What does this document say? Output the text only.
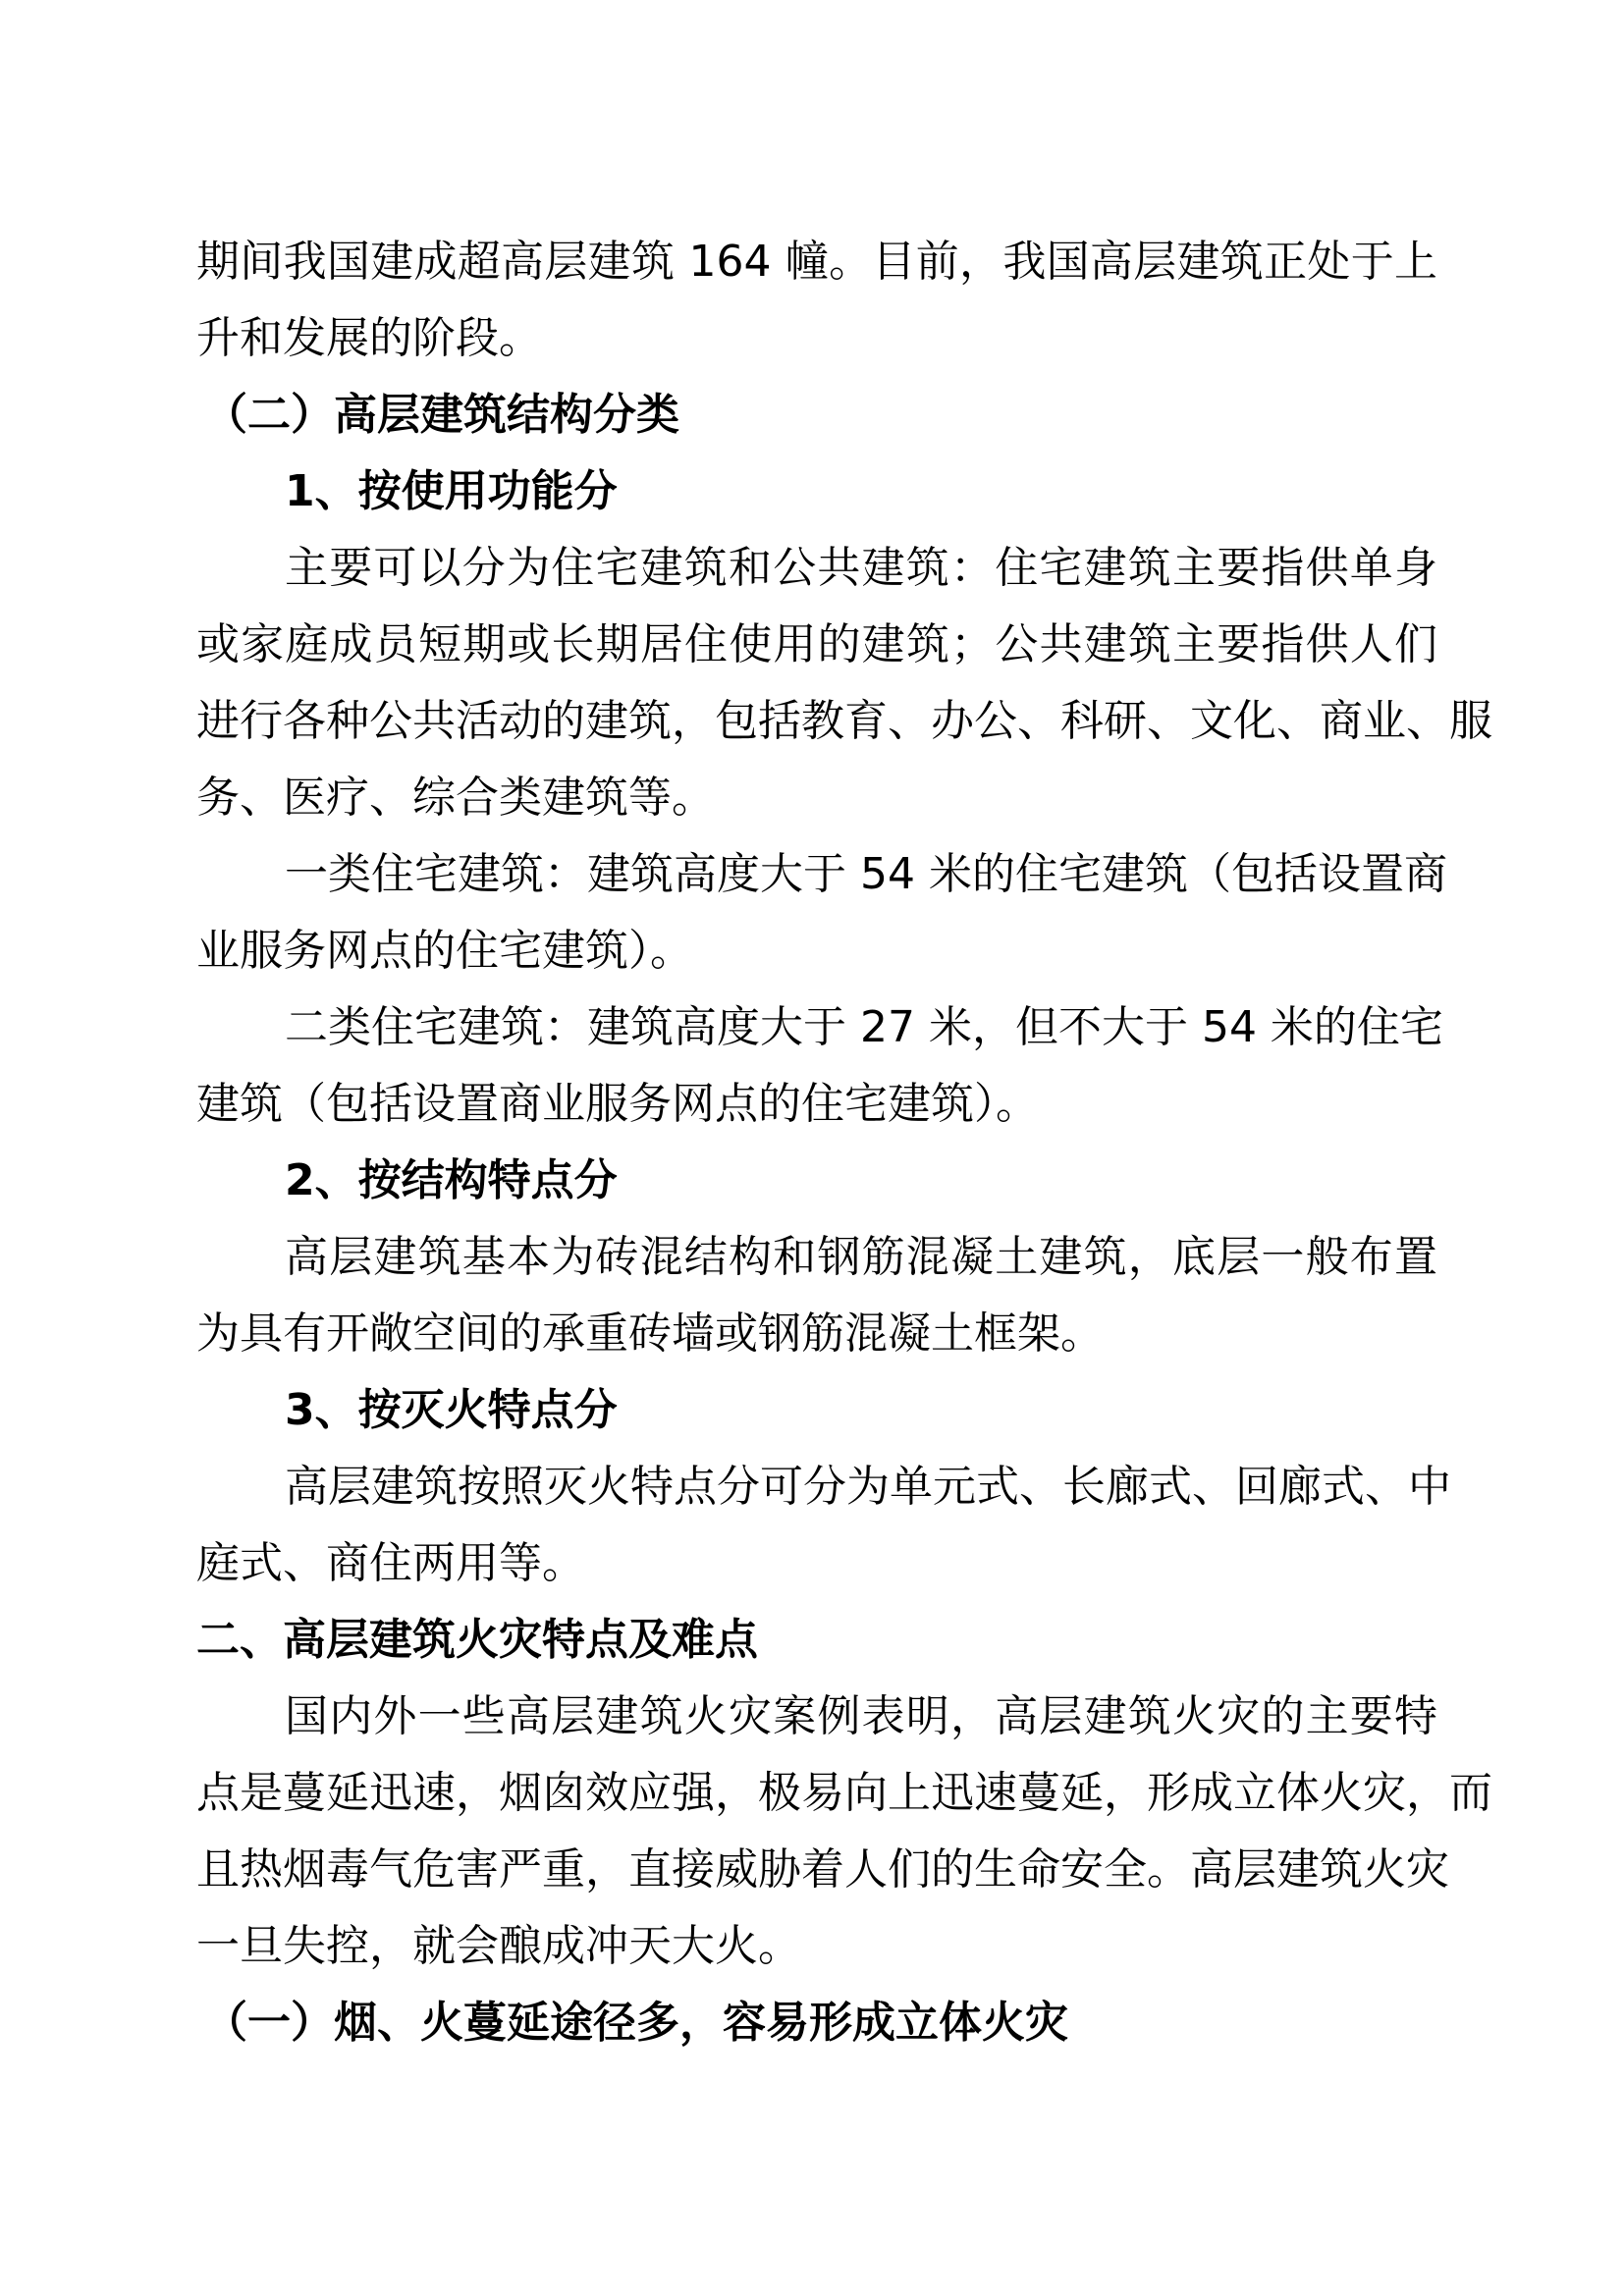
期间我国建成超高层建筑 164 幢。目前，我国高层建筑正处于上
升和发展的阶段。
（二）高层建筑结构分类
1、按使用功能分
主要可以分为住宅建筑和公共建筑：住宅建筑主要指供单身
或家庭成员短期或长期居住使用的建筑；公共建筑主要指供人们
进行各种公共活动的建筑，包括教育、办公、科研、文化、商业、服
务、医疗、综合类建筑等。
一类住宅建筑：建筑高度大于 54 米的住宅建筑（包括设置商
业服务网点的住宅建筑）。
二类住宅建筑：建筑高度大于 27 米，但不大于 54 米的住宅
建筑（包括设置商业服务网点的住宅建筑）。
2、按结构特点分
高层建筑基本为砖混结构和钢筋混凝土建筑，底层一般布置
为具有开敞空间的承重砖墙或钢筋混凝土框架。
3、按灭火特点分
高层建筑按照灭火特点分可分为单元式、长廊式、回廊式、中
庭式、商住两用等。
二、高层建筑火灾特点及难点
国内外一些高层建筑火灾案例表明，高层建筑火灾的主要特
点是蔓延迅速，烟囱效应强，极易向上迅速蔓延，形成立体火灾，而
且热烟毒气危害严重，直接威胁着人们的生命安全。高层建筑火灾
一旦失控，就会酿成冲天大火。
（一）烟、火蔓延途径多，容易形成立体火灾
